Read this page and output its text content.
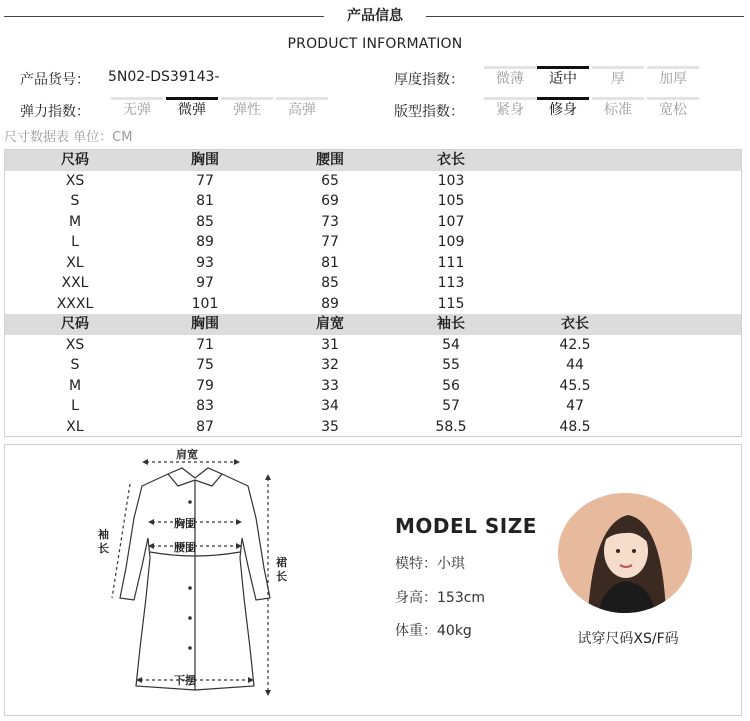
产品信息
PRODUCT INFORMATION
产品货号： 5N02-DS39143-	厚度指数：	微薄	适中	厚	加厚
弹力指数：	无弹	微弹	弹性	高弹	版型指数：	紧身	修身	标准	宽松
尺寸数据表 单位：CM
尺码	胸围	腰围	衣长
XS	77	65	103
S	81	69	105
M	85	73	107
L	89	77	109
XL	93	81	111
XXL	97	85	113
XXXL	101	89	115
尺码	胸围	肩宽	袖长	衣长
XS	71	31	54	42.5
S	75	32	55	44
M	79	33	56	45.5
L	83	34	57	47
XL	87	35	58.5	48.5
肩宽
胸围
腰围
袖
长
裙
长
下摆
MODEL SIZE
模特：小琪
身高：153cm
体重：40kg	试穿尺码XS/F码
